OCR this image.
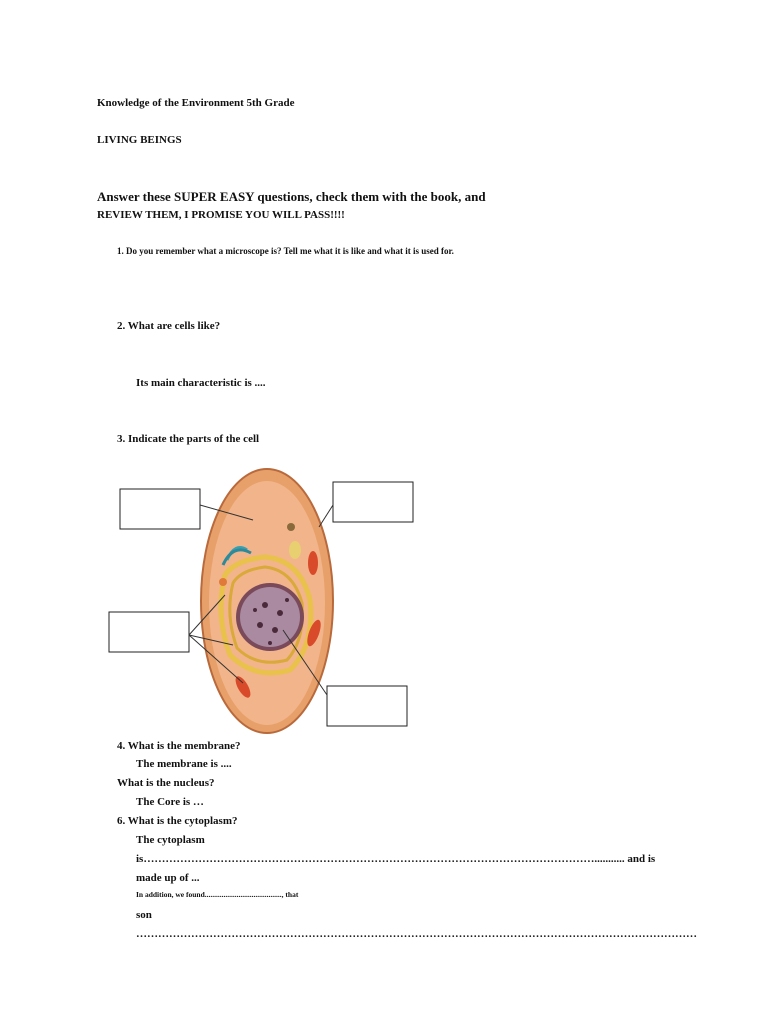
Knowledge of the Environment 5th Grade
LIVING BEINGS
Answer these SUPER EASY questions, check them with the book, and
REVIEW THEM, I PROMISE YOU WILL PASS!!!!
1. Do you remember what a microscope is? Tell me what it is like and what it is used for.
2. What are cells like?
Its main characteristic is ....
3. Indicate the parts of the cell
4. What is the membrane?
The membrane is ....
What is the nucleus?
The Core is …
6. What is the cytoplasm?
The cytoplasm
is……………………………………………………………………………………………………………........... and is
made up of ...
In addition, we found........................................., that
son
………………………………………………………………………………………………………………………………………
